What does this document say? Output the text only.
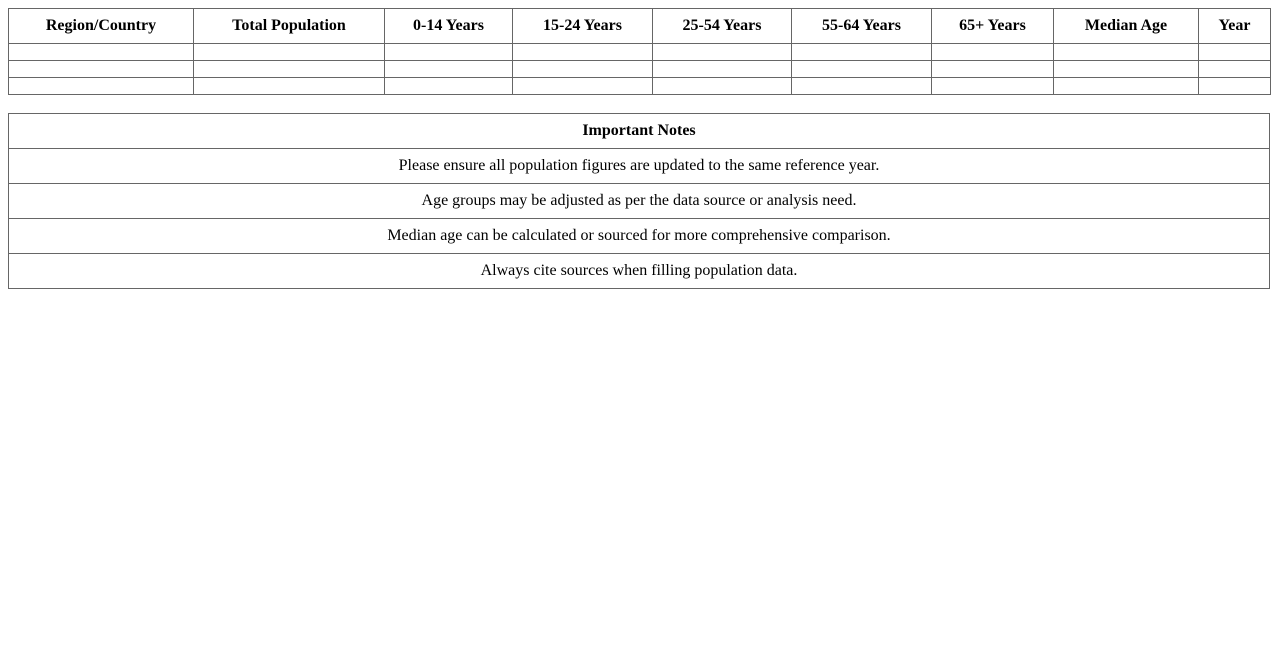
Region/Country	Total Population	0-14 Years	15-24 Years	25-54 Years	55-64 Years	65+ Years	Median Age	Year

Important Notes
Please ensure all population figures are updated to the same reference year.
Age groups may be adjusted as per the data source or analysis need.
Median age can be calculated or sourced for more comprehensive comparison.
Always cite sources when filling population data.
